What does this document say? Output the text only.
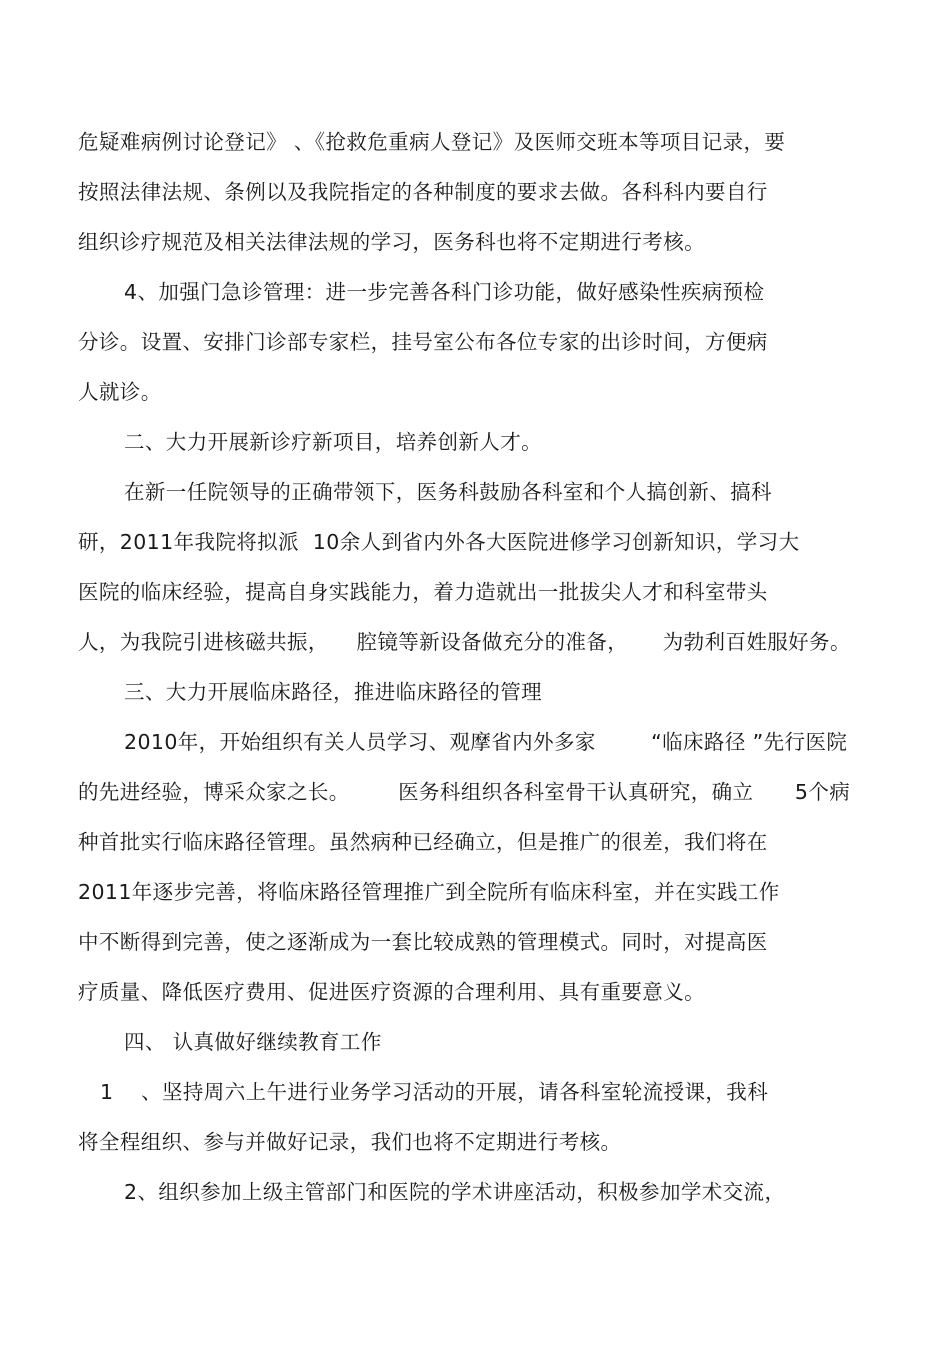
危疑难病例讨论登记》 、《抢救危重病人登记》及医师交班本等项目记录，要
按照法律法规、条例以及我院指定的各种制度的要求去做。各科科内要自行
组织诊疗规范及相关法律法规的学习，医务科也将不定期进行考核。
4、加强门急诊管理：进一步完善各科门诊功能，做好感染性疾病预检
分诊。设置、安排门诊部专家栏，挂号室公布各位专家的出诊时间，方便病
人就诊。
二、大力开展新诊疗新项目，培养创新人才。
在新一任院领导的正确带领下，医务科鼓励各科室和个人搞创新、搞科
研，2011年我院将拟派  10余人到省内外各大医院进修学习创新知识，学习大
医院的临床经验，提高自身实践能力，着力造就出一批拔尖人才和科室带头
人，为我院引进核磁共振，    腔镜等新设备做充分的准备，     为勃利百姓服好务。
三、大力开展临床路径，推进临床路径的管理
2010年，开始组织有关人员学习、观摩省内外多家        “临床路径 ”先行医院
的先进经验，博采众家之长。       医务科组织各科室骨干认真研究，确立      5个病
种首批实行临床路径管理。虽然病种已经确立，但是推广的很差，我们将在
2011年逐步完善，将临床路径管理推广到全院所有临床科室，并在实践工作
中不断得到完善，使之逐渐成为一套比较成熟的管理模式。同时，对提高医
疗质量、降低医疗费用、促进医疗资源的合理利用、具有重要意义。
四、 认真做好继续教育工作
1    、坚持周六上午进行业务学习活动的开展，请各科室轮流授课，我科
将全程组织、参与并做好记录，我们也将不定期进行考核。
2、组织参加上级主管部门和医院的学术讲座活动，积极参加学术交流，
